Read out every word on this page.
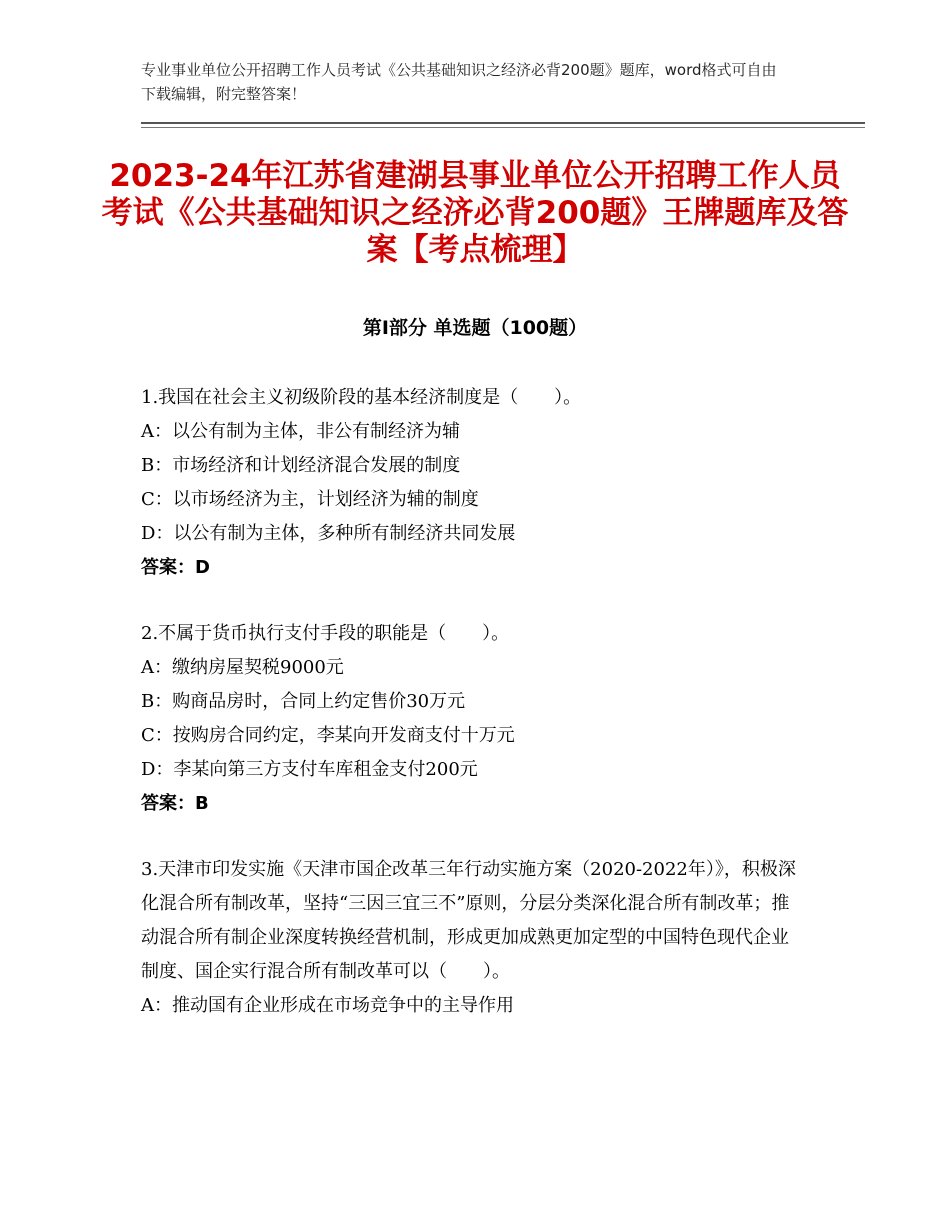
专业事业单位公开招聘工作人员考试《公共基础知识之经济必背200题》题库，word格式可自由下载编辑，附完整答案！

2023-24年江苏省建湖县事业单位公开招聘工作人员考试《公共基础知识之经济必背200题》王牌题库及答案【考点梳理】
第I部分 单选题（100题）

1.我国在社会主义初级阶段的基本经济制度是（　　）。

A：以公有制为主体，非公有制经济为辅

B：市场经济和计划经济混合发展的制度

C：以市场经济为主，计划经济为辅的制度

D：以公有制为主体，多种所有制经济共同发展

答案：D

2.不属于货币执行支付手段的职能是（　　）。

A：缴纳房屋契税9000元

B：购商品房时，合同上约定售价30万元

C：按购房合同约定，李某向开发商支付十万元

D：李某向第三方支付车库租金支付200元

答案：B

3.天津市印发实施《天津市国企改革三年行动实施方案（2020-2022年）》，积极深化混合所有制改革，坚持“三因三宜三不”原则，分层分类深化混合所有制改革；推动混合所有制企业深度转换经营机制，形成更加成熟更加定型的中国特色现代企业制度、国企实行混合所有制改革可以（　　）。

A：推动国有企业形成在市场竞争中的主导作用
